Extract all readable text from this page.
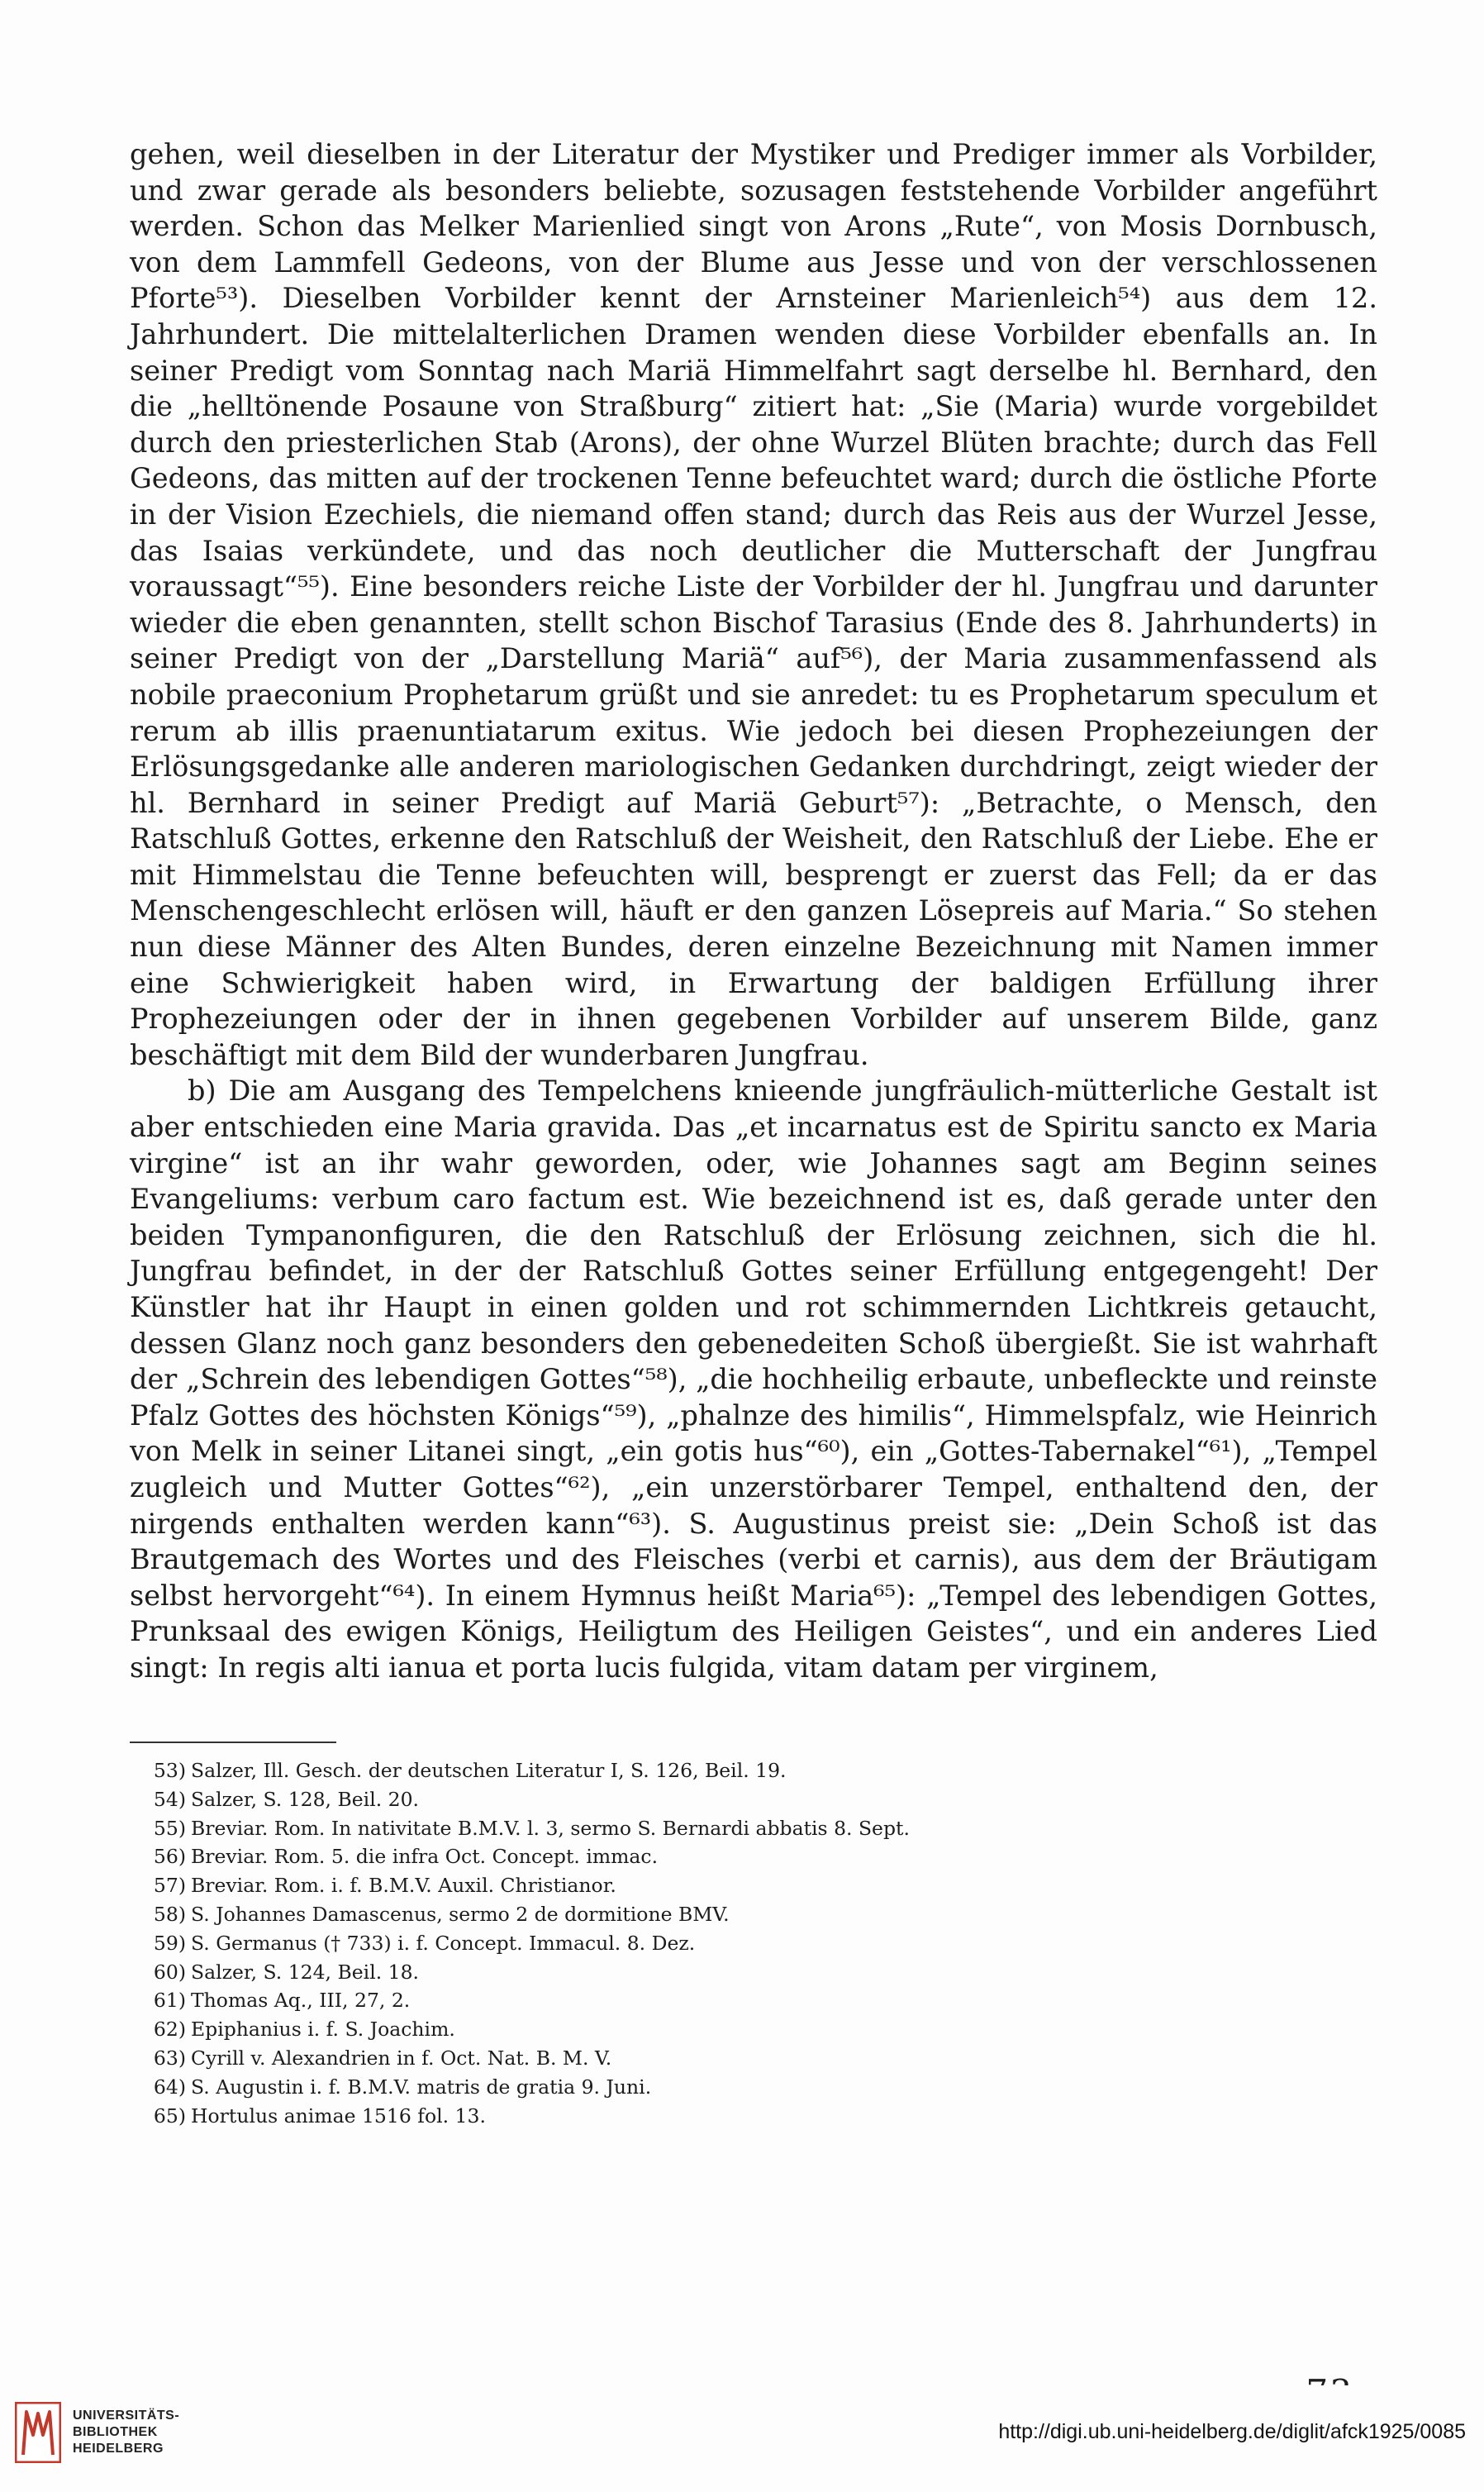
gehen, weil dieselben in der Literatur der Mystiker und Prediger immer als Vorbilder, und zwar gerade als besonders beliebte, sozusagen feststehende Vorbilder angeführt werden. Schon das Melker Marienlied singt von Arons „Rute“, von Mosis Dornbusch, von dem Lammfell Gedeons, von der Blume aus Jesse und von der verschlossenen Pforte⁵³). Dieselben Vorbilder kennt der Arnsteiner Marienleich⁵⁴) aus dem 12. Jahrhundert. Die mittelalterlichen Dramen wenden diese Vorbilder ebenfalls an. In seiner Predigt vom Sonntag nach Mariä Himmelfahrt sagt derselbe hl. Bernhard, den die „helltönende Posaune von Straßburg“ zitiert hat: „Sie (Maria) wurde vorgebildet durch den priesterlichen Stab (Arons), der ohne Wurzel Blüten brachte; durch das Fell Gedeons, das mitten auf der trockenen Tenne befeuchtet ward; durch die östliche Pforte in der Vision Ezechiels, die niemand offen stand; durch das Reis aus der Wurzel Jesse, das Isaias verkündete, und das noch deutlicher die Mutterschaft der Jungfrau voraussagt“⁵⁵). Eine besonders reiche Liste der Vorbilder der hl. Jungfrau und darunter wieder die eben genannten, stellt schon Bischof Tarasius (Ende des 8. Jahrhunderts) in seiner Predigt von der „Darstellung Mariä“ auf⁵⁶), der Maria zusammenfassend als nobile praeconium Prophetarum grüßt und sie anredet: tu es Prophetarum speculum et rerum ab illis praenuntiatarum exitus. Wie jedoch bei diesen Prophezeiungen der Erlösungsgedanke alle anderen mariologischen Gedanken durchdringt, zeigt wieder der hl. Bernhard in seiner Predigt auf Mariä Geburt⁵⁷): „Betrachte, o Mensch, den Ratschluß Gottes, erkenne den Ratschluß der Weisheit, den Ratschluß der Liebe. Ehe er mit Himmelstau die Tenne befeuchten will, besprengt er zuerst das Fell; da er das Menschengeschlecht erlösen will, häuft er den ganzen Lösepreis auf Maria.“ So stehen nun diese Männer des Alten Bundes, deren einzelne Bezeichnung mit Namen immer eine Schwierigkeit haben wird, in Erwartung der baldigen Erfüllung ihrer Prophezeiungen oder der in ihnen gegebenen Vorbilder auf unserem Bilde, ganz beschäftigt mit dem Bild der wunderbaren Jungfrau.

b) Die am Ausgang des Tempelchens knieende jungfräulich-mütterliche Gestalt ist aber entschieden eine Maria gravida. Das „et incarnatus est de Spiritu sancto ex Maria virgine“ ist an ihr wahr geworden, oder, wie Johannes sagt am Beginn seines Evangeliums: verbum caro factum est. Wie bezeichnend ist es, daß gerade unter den beiden Tympanonfiguren, die den Ratschluß der Erlösung zeichnen, sich die hl. Jungfrau befindet, in der der Ratschluß Gottes seiner Erfüllung entgegengeht! Der Künstler hat ihr Haupt in einen golden und rot schimmernden Lichtkreis getaucht, dessen Glanz noch ganz besonders den gebenedeiten Schoß übergießt. Sie ist wahrhaft der „Schrein des lebendigen Gottes“⁵⁸), „die hochheilig erbaute, unbefleckte und reinste Pfalz Gottes des höchsten Königs“⁵⁹), „phalnze des himilis“, Himmelspfalz, wie Heinrich von Melk in seiner Litanei singt, „ein gotis hus“⁶⁰), ein „Gottes-Tabernakel“⁶¹), „Tempel zugleich und Mutter Gottes“⁶²), „ein unzerstörbarer Tempel, enthaltend den, der nirgends enthalten werden kann“⁶³). S. Augustinus preist sie: „Dein Schoß ist das Brautgemach des Wortes und des Fleisches (verbi et carnis), aus dem der Bräutigam selbst hervorgeht“⁶⁴). In einem Hymnus heißt Maria⁶⁵): „Tempel des lebendigen Gottes, Prunksaal des ewigen Königs, Heiligtum des Heiligen Geistes“, und ein anderes Lied singt: In regis alti ianua et porta lucis fulgida, vitam datam per virginem,

53) Salzer, Ill. Gesch. der deutschen Literatur I, S. 126, Beil. 19.

54) Salzer, S. 128, Beil. 20.

55) Breviar. Rom. In nativitate B.M.V. l. 3, sermo S. Bernardi abbatis 8. Sept.

56) Breviar. Rom. 5. die infra Oct. Concept. immac.

57) Breviar. Rom. i. f. B.M.V. Auxil. Christianor.

58) S. Johannes Damascenus, sermo 2 de dormitione BMV.

59) S. Germanus († 733) i. f. Concept. Immacul. 8. Dez.

60) Salzer, S. 124, Beil. 18.

61) Thomas Aq., III, 27, 2.

62) Epiphanius i. f. S. Joachim.

63) Cyrill v. Alexandrien in f. Oct. Nat. B. M. V.

64) S. Augustin i. f. B.M.V. matris de gratia 9. Juni.

65) Hortulus animae 1516 fol. 13.

UNIVERSITÄTS-
BIBLIOTHEK
HEIDELBERG
http://digi.ub.uni-heidelberg.de/diglit/afck1925/0085
